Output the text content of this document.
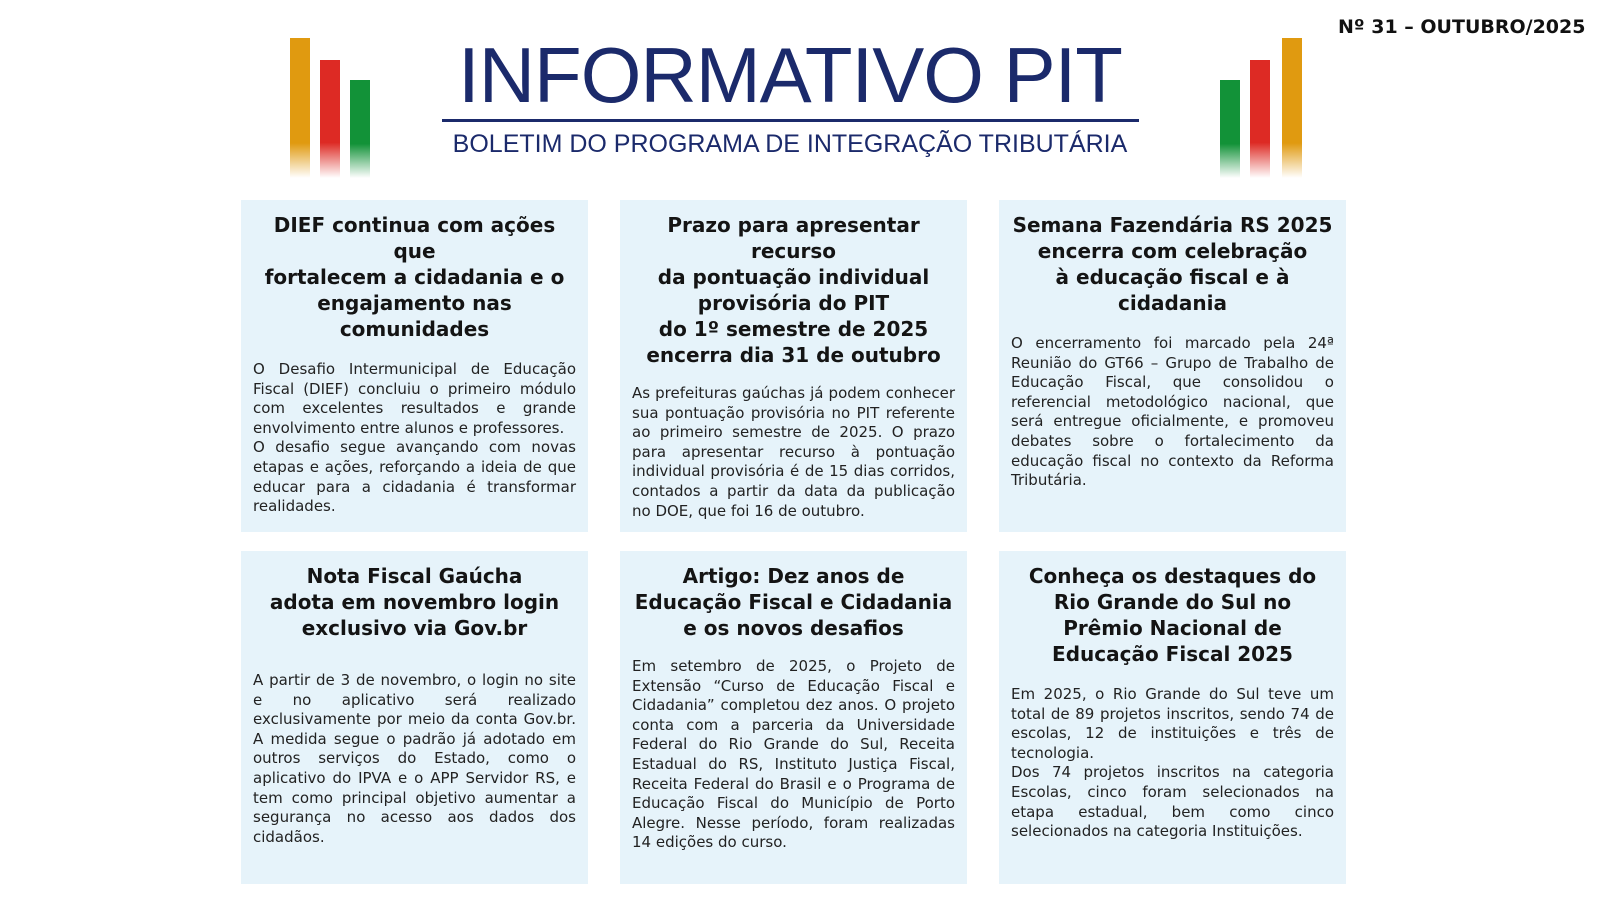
Nº 31 – OUTUBRO/2025
INFORMATIVO PIT
BOLETIM DO PROGRAMA DE INTEGRAÇÃO TRIBUTÁRIA
DIEF continua com ações que
fortalecem a cidadania e o
engajamento nas
comunidades

O Desafio Intermunicipal de Educação Fiscal (DIEF) concluiu o primeiro módulo com excelentes resultados e grande envolvimento entre alunos e professores.
O desafio segue avançando com novas etapas e ações, reforçando a ideia de que educar para a cidadania é transformar realidades.

Prazo para apresentar recurso
da pontuação individual
provisória do PIT
do 1º semestre de 2025
encerra dia 31 de outubro

As prefeituras gaúchas já podem conhecer sua pontuação provisória no PIT referente ao primeiro semestre de 2025. O prazo para apresentar recurso à pontuação individual provisória é de 15 dias corridos, contados a partir da data da publicação no DOE, que foi 16 de outubro.

Semana Fazendária RS 2025
encerra com celebração
à educação fiscal e à
cidadania

O encerramento foi marcado pela 24ª Reunião do GT66 – Grupo de Trabalho de Educação Fiscal, que consolidou o referencial metodológico nacional, que será entregue oficialmente, e promoveu debates sobre o fortalecimento da educação fiscal no contexto da Reforma Tributária.

Nota Fiscal Gaúcha
adota em novembro login
exclusivo via Gov.br

A partir de 3 de novembro, o login no site e no aplicativo será realizado exclusivamente por meio da conta Gov.br. A medida segue o padrão já adotado em outros serviços do Estado, como o aplicativo do IPVA e o APP Servidor RS, e tem como principal objetivo aumentar a segurança no acesso aos dados dos cidadãos.

Artigo: Dez anos de
Educação Fiscal e Cidadania
e os novos desafios

Em setembro de 2025, o Projeto de Extensão “Curso de Educação Fiscal e Cidadania” completou dez anos. O projeto conta com a parceria da Universidade Federal do Rio Grande do Sul, Receita Estadual do RS, Instituto Justiça Fiscal, Receita Federal do Brasil e o Programa de Educação Fiscal do Município de Porto Alegre. Nesse período, foram realizadas 14 edições do curso.

Conheça os destaques do
Rio Grande do Sul no
Prêmio Nacional de
Educação Fiscal 2025

Em 2025, o Rio Grande do Sul teve um total de 89 projetos inscritos, sendo 74 de escolas, 12 de instituições e três de tecnologia.
Dos 74 projetos inscritos na categoria Escolas, cinco foram selecionados na etapa estadual, bem como cinco selecionados na categoria Instituições.
